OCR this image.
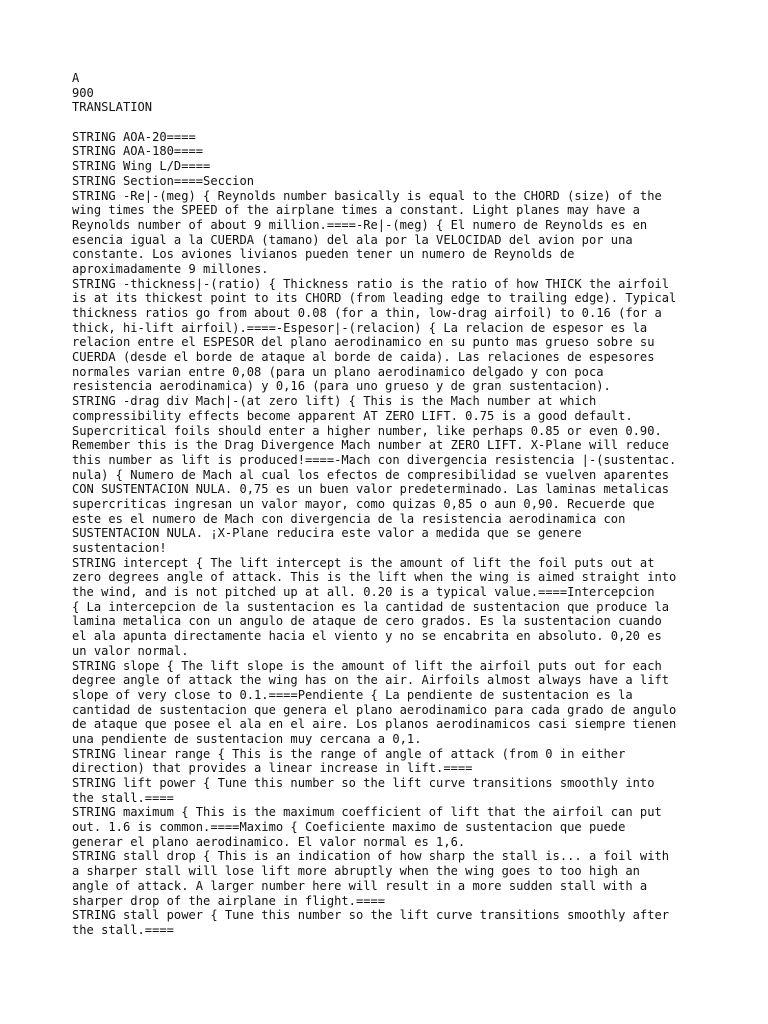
A
900
TRANSLATION
STRING AOA-20====
STRING AOA-180====
STRING Wing L/D====
STRING Section====Seccion
STRING -Re|-(meg) { Reynolds number basically is equal to the CHORD (size) of the
wing times the SPEED of the airplane times a constant. Light planes may have a
Reynolds number of about 9 million.====-Re|-(meg) { El numero de Reynolds es en
esencia igual a la CUERDA (tamano) del ala por la VELOCIDAD del avion por una
constante. Los aviones livianos pueden tener un numero de Reynolds de
aproximadamente 9 millones.
STRING -thickness|-(ratio) { Thickness ratio is the ratio of how THICK the airfoil
is at its thickest point to its CHORD (from leading edge to trailing edge). Typical
thickness ratios go from about 0.08 (for a thin, low-drag airfoil) to 0.16 (for a
thick, hi-lift airfoil).====-Espesor|-(relacion) { La relacion de espesor es la
relacion entre el ESPESOR del plano aerodinamico en su punto mas grueso sobre su
CUERDA (desde el borde de ataque al borde de caida). Las relaciones de espesores
normales varian entre 0,08 (para un plano aerodinamico delgado y con poca
resistencia aerodinamica) y 0,16 (para uno grueso y de gran sustentacion).
STRING -drag div Mach|-(at zero lift) { This is the Mach number at which
compressibility effects become apparent AT ZERO LIFT. 0.75 is a good default.
Supercritical foils should enter a higher number, like perhaps 0.85 or even 0.90.
Remember this is the Drag Divergence Mach number at ZERO LIFT. X-Plane will reduce
this number as lift is produced!====-Mach con divergencia resistencia |-(sustentac.
nula) { Numero de Mach al cual los efectos de compresibilidad se vuelven aparentes
CON SUSTENTACION NULA. 0,75 es un buen valor predeterminado. Las laminas metalicas
supercriticas ingresan un valor mayor, como quizas 0,85 o aun 0,90. Recuerde que
este es el numero de Mach con divergencia de la resistencia aerodinamica con
SUSTENTACION NULA. ¡X-Plane reducira este valor a medida que se genere
sustentacion!
STRING intercept { The lift intercept is the amount of lift the foil puts out at
zero degrees angle of attack. This is the lift when the wing is aimed straight into
the wind, and is not pitched up at all. 0.20 is a typical value.====Intercepcion
{ La intercepcion de la sustentacion es la cantidad de sustentacion que produce la
lamina metalica con un angulo de ataque de cero grados. Es la sustentacion cuando
el ala apunta directamente hacia el viento y no se encabrita en absoluto. 0,20 es
un valor normal.
STRING slope { The lift slope is the amount of lift the airfoil puts out for each
degree angle of attack the wing has on the air. Airfoils almost always have a lift
slope of very close to 0.1.====Pendiente { La pendiente de sustentacion es la
cantidad de sustentacion que genera el plano aerodinamico para cada grado de angulo
de ataque que posee el ala en el aire. Los planos aerodinamicos casi siempre tienen
una pendiente de sustentacion muy cercana a 0,1.
STRING linear range { This is the range of angle of attack (from 0 in either
direction) that provides a linear increase in lift.====
STRING lift power { Tune this number so the lift curve transitions smoothly into
the stall.====
STRING maximum { This is the maximum coefficient of lift that the airfoil can put
out. 1.6 is common.====Maximo { Coeficiente maximo de sustentacion que puede
generar el plano aerodinamico. El valor normal es 1,6.
STRING stall drop { This is an indication of how sharp the stall is... a foil with
a sharper stall will lose lift more abruptly when the wing goes to too high an
angle of attack. A larger number here will result in a more sudden stall with a
sharper drop of the airplane in flight.====
STRING stall power { Tune this number so the lift curve transitions smoothly after
the stall.====
